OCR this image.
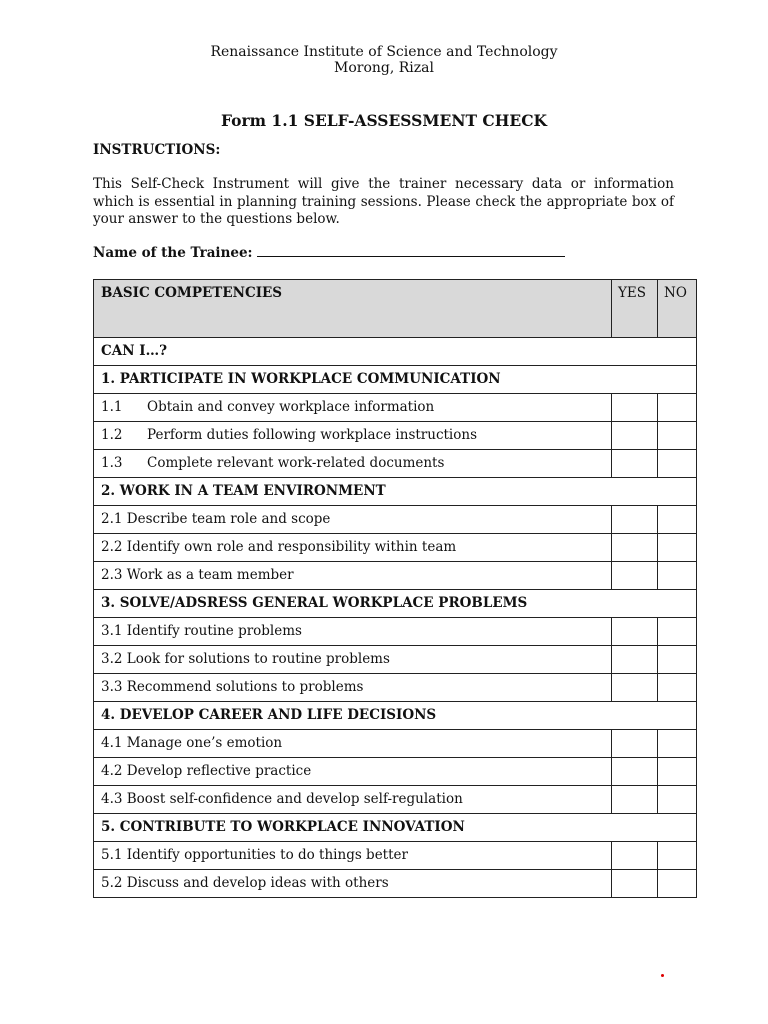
Renaissance Institute of Science and Technology
Morong, Rizal
Form 1.1 SELF-ASSESSMENT CHECK
INSTRUCTIONS:
This Self-Check Instrument will give the trainer necessary data or information which is essential in planning training sessions. Please check the appropriate box of your answer to the questions below.
Name of the Trainee:
BASIC COMPETENCIES	YES	NO

CAN I…?		

1. PARTICIPATE IN WORKPLACE COMMUNICATION		

1.1 Obtain and convey workplace information		

1.2 Perform duties following workplace instructions		

1.3 Complete relevant work-related documents		

2. WORK IN A TEAM ENVIRONMENT		

2.1 Describe team role and scope		

2.2 Identify own role and responsibility within team		

2.3 Work as a team member		

3. SOLVE/ADSRESS GENERAL WORKPLACE PROBLEMS		

3.1 Identify routine problems		

3.2 Look for solutions to routine problems		

3.3 Recommend solutions to problems		

4. DEVELOP CAREER AND LIFE DECISIONS		

4.1 Manage one’s emotion		

4.2 Develop reflective practice		

4.3 Boost self-confidence and develop self-regulation		

5. CONTRIBUTE TO WORKPLACE INNOVATION		

5.1 Identify opportunities to do things better		

5.2 Discuss and develop ideas with others		
